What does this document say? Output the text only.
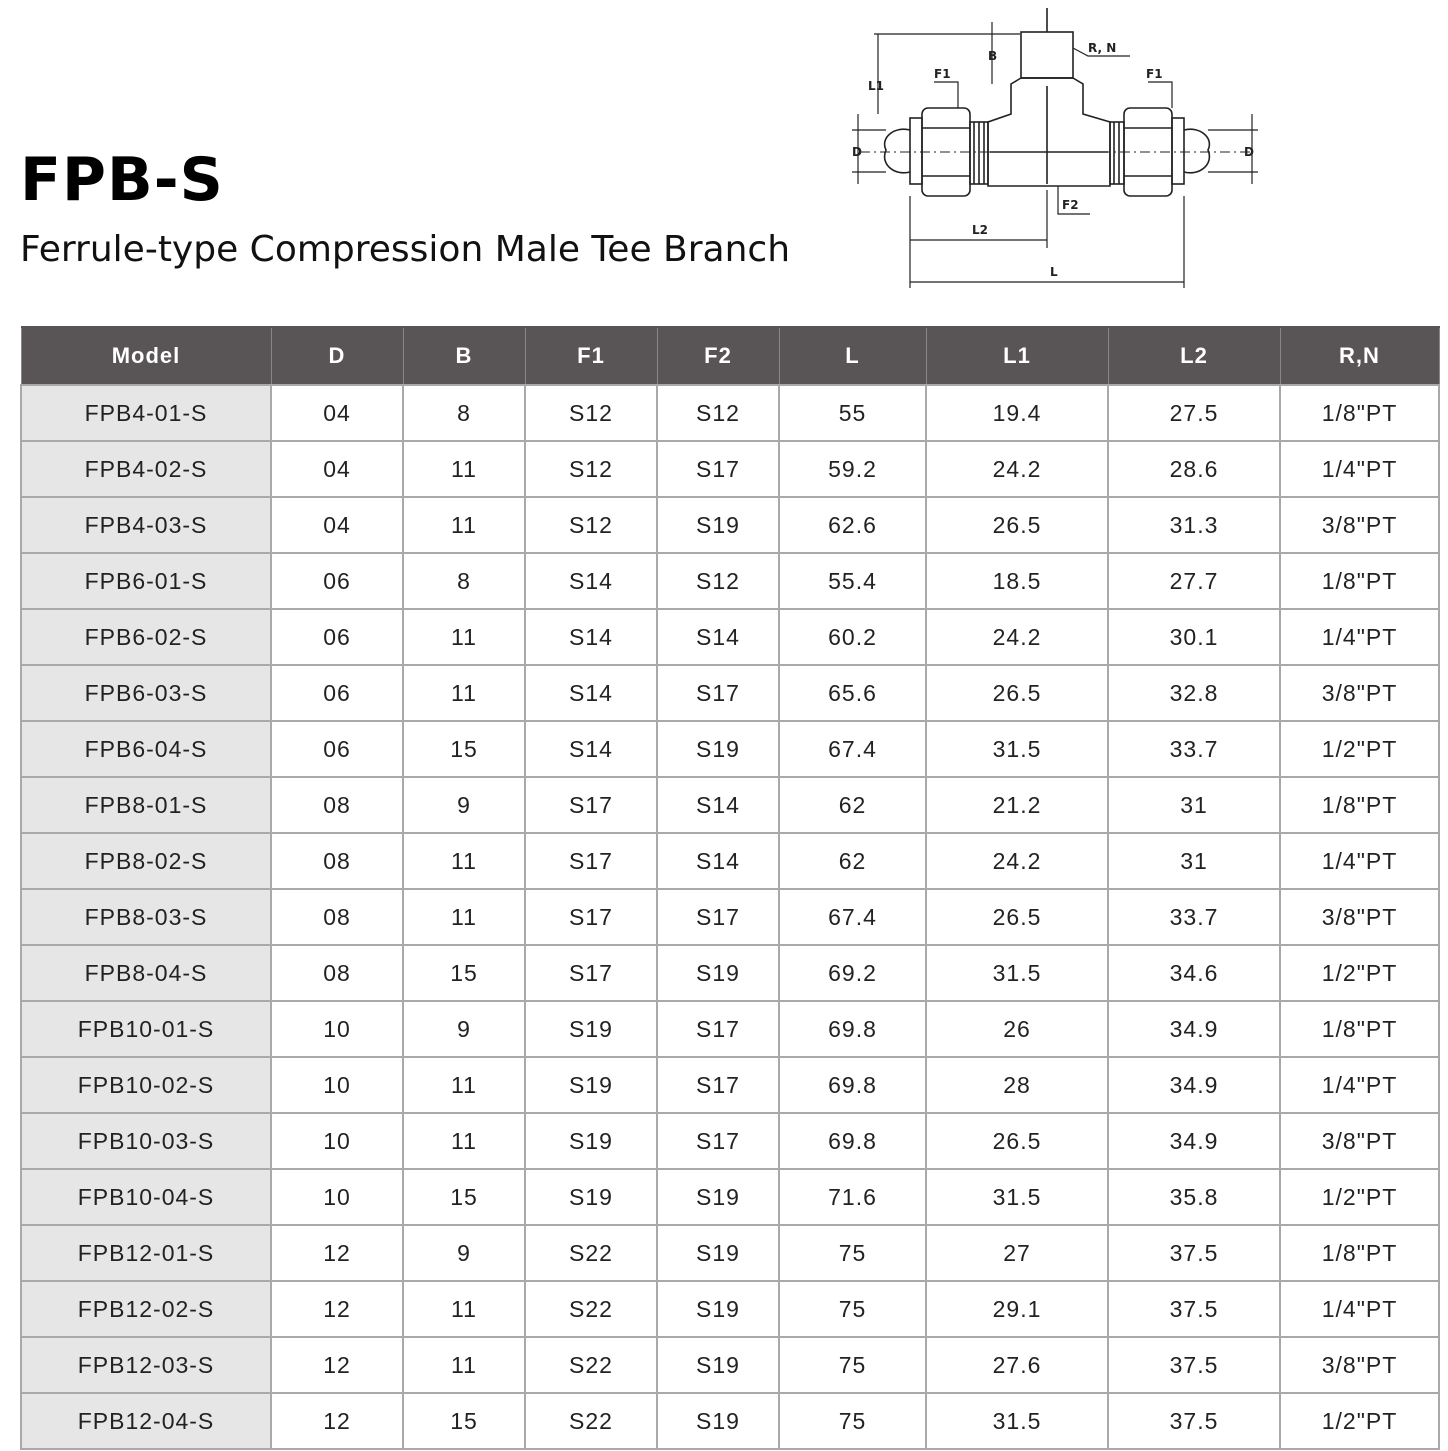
FPB-S

Ferrule-type Compression Male Tee Branch

B
R, N
L1
F1	F1
D	D
F2
L2
L
Model	D	B	F1	F2	L	L1	L2	R,N
FPB4-01-S	04	8	S12	S12	55	19.4	27.5	1/8"PT
FPB4-02-S	04	11	S12	S17	59.2	24.2	28.6	1/4"PT
FPB4-03-S	04	11	S12	S19	62.6	26.5	31.3	3/8"PT
FPB6-01-S	06	8	S14	S12	55.4	18.5	27.7	1/8"PT
FPB6-02-S	06	11	S14	S14	60.2	24.2	30.1	1/4"PT
FPB6-03-S	06	11	S14	S17	65.6	26.5	32.8	3/8"PT
FPB6-04-S	06	15	S14	S19	67.4	31.5	33.7	1/2"PT
FPB8-01-S	08	9	S17	S14	62	21.2	31	1/8"PT
FPB8-02-S	08	11	S17	S14	62	24.2	31	1/4"PT
FPB8-03-S	08	11	S17	S17	67.4	26.5	33.7	3/8"PT
FPB8-04-S	08	15	S17	S19	69.2	31.5	34.6	1/2"PT
FPB10-01-S	10	9	S19	S17	69.8	26	34.9	1/8"PT
FPB10-02-S	10	11	S19	S17	69.8	28	34.9	1/4"PT
FPB10-03-S	10	11	S19	S17	69.8	26.5	34.9	3/8"PT
FPB10-04-S	10	15	S19	S19	71.6	31.5	35.8	1/2"PT
FPB12-01-S	12	9	S22	S19	75	27	37.5	1/8"PT
FPB12-02-S	12	11	S22	S19	75	29.1	37.5	1/4"PT
FPB12-03-S	12	11	S22	S19	75	27.6	37.5	3/8"PT
FPB12-04-S	12	15	S22	S19	75	31.5	37.5	1/2"PT
